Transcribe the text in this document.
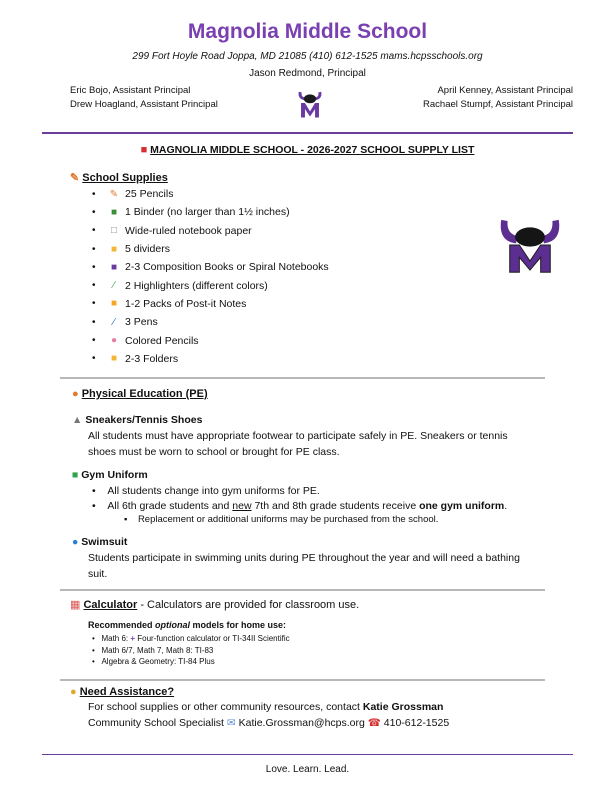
Magnolia Middle School
299 Fort Hoyle Road Joppa, MD 21085 (410) 612-1525 mams.hcpsschools.org
Jason Redmond, Principal
Eric Bojo, Assistant Principal
Drew Hoagland, Assistant Principal
April Kenney, Assistant Principal
Rachael Stumpf, Assistant Principal
■ MAGNOLIA MIDDLE SCHOOL - 2026-2027 SCHOOL SUPPLY LIST
✎ School Supplies
• ✎ 25 Pencils
• ■ 1 Binder (no larger than 1½ inches)
• □ Wide-ruled notebook paper
• ■ 5 dividers
• ■ 2-3 Composition Books or Spiral Notebooks
• ∕ 2 Highlighters (different colors)
• ■ 1-2 Packs of Post-it Notes
• ∕ 3 Pens
• ● Colored Pencils
• ■ 2-3 Folders
● Physical Education (PE)
▲ Sneakers/Tennis Shoes
All students must have appropriate footwear to participate safely in PE. Sneakers or tennis shoes must be worn to school or brought for PE class.
■ Gym Uniform
•    All students change into gym uniforms for PE.
•    All 6th grade students and new 7th and 8th grade students receive one gym uniform.
▪    Replacement or additional uniforms may be purchased from the school.
● Swimsuit
Students participate in swimming units during PE throughout the year and will need a bathing suit.
▦ Calculator - Calculators are provided for classroom use.
Recommended optional models for home use:
•   Math 6: + Four-function calculator or TI-34II Scientific
•   Math 6/7, Math 7, Math 8: TI-83
•   Algebra & Geometry: TI-84 Plus
● Need Assistance?
For school supplies or other community resources, contact Katie Grossman
Community School Specialist ✉ Katie.Grossman@hcps.org ☎ 410-612-1525
Love. Learn. Lead.
